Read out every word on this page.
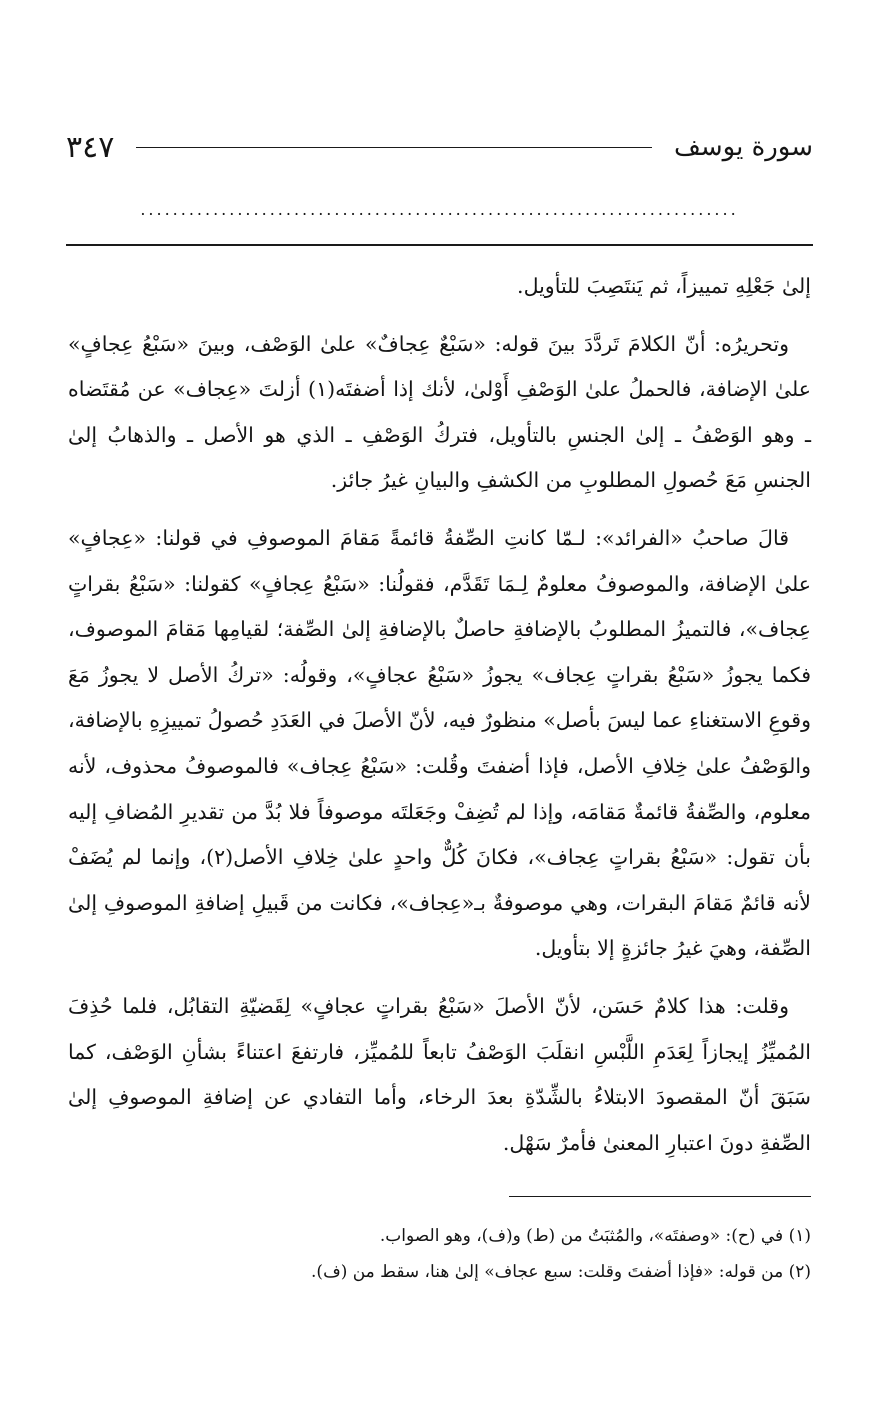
سورة يوسف
٣٤٧
..........................................................................

إلىٰ جَعْلِهِ تمييزاً، ثم يَنتَصِبَ للتأويل.

وتحريرُه: أنّ الكلامَ تَردَّدَ بينَ قوله: «سَبْعٌ عِجافٌ» علىٰ الوَصْف، وبينَ «سَبْعُ عِجافٍ» علىٰ الإضافة، فالحملُ علىٰ الوَصْفِ أَوْلىٰ، لأنك إذا أضفتَه(١) أزلتَ «عِجاف» عن مُقتَضاه ـ وهو الوَصْفُ ـ إلىٰ الجنسِ بالتأويل، فتركُ الوَصْفِ ـ الذي هو الأصل ـ والذهابُ إلىٰ الجنسِ مَعَ حُصولِ المطلوبِ من الكشفِ والبيانِ غيرُ جائز.

قالَ صاحبُ «الفرائد»: لـمّا كانتِ الصِّفةُ قائمةً مَقامَ الموصوفِ في قولنا: «عِجافٍ» علىٰ الإضافة، والموصوفُ معلومٌ لِـمَا تَقَدَّم، فقولُنا: «سَبْعُ عِجافٍ» كقولنا: «سَبْعُ بقراتٍ عِجاف»، فالتميزُ المطلوبُ بالإضافةِ حاصلٌ بالإضافةِ إلىٰ الصِّفة؛ لقيامِها مَقامَ الموصوف، فكما يجوزُ «سَبْعُ بقراتٍ عِجاف» يجوزُ «سَبْعُ عجافٍ»، وقولُه: «تركُ الأصل لا يجوزُ مَعَ وقوعِ الاستغناءِ عما ليسَ بأصل» منظورٌ فيه، لأنّ الأصلَ في العَدَدِ حُصولُ تمييزِهِ بالإضافة، والوَصْفُ علىٰ خِلافِ الأصل، فإذا أضفتَ وقُلت: «سَبْعُ عِجاف» فالموصوفُ محذوف، لأنه معلوم، والصِّفةُ قائمةٌ مَقامَه، وإذا لم تُضِفْ وجَعَلتَه موصوفاً فلا بُدَّ من تقديرِ المُضافِ إليه بأن تقول: «سَبْعُ بقراتٍ عِجاف»، فكانَ كُلٌّ واحدٍ علىٰ خِلافِ الأصل(٢)، وإنما لم يُضَفْ لأنه قائمٌ مَقامَ البقرات، وهي موصوفةٌ بـ«عِجاف»، فكانت من قَبيلِ إضافةِ الموصوفِ إلىٰ الصِّفة، وهيَ غيرُ جائزةٍ إلا بتأويل.

وقلت: هذا كلامٌ حَسَن، لأنّ الأصلَ «سَبْعُ بقراتٍ عجافٍ» لِقَضيّةِ التقابُل، فلما حُذِفَ المُميِّزُ إيجازاً لِعَدَمِ اللَّبْسِ انقلَبَ الوَصْفُ تابعاً للمُميِّز، فارتفعَ اعتناءً بشأنِ الوَصْف، كما سَبَقَ أنّ المقصودَ الابتلاءُ بالشِّدّةِ بعدَ الرخاء، وأما التفادي عن إضافةِ الموصوفِ إلىٰ الصِّفةِ دونَ اعتبارِ المعنىٰ فأمرٌ سَهْل.

(١) في (ح): «وصفتَه»، والمُثبَتُ من (ط) و(ف)، وهو الصواب.
(٢) من قوله: «فإذا أضفتَ وقلت: سبع عجاف» إلىٰ هنا، سقط من (ف).
